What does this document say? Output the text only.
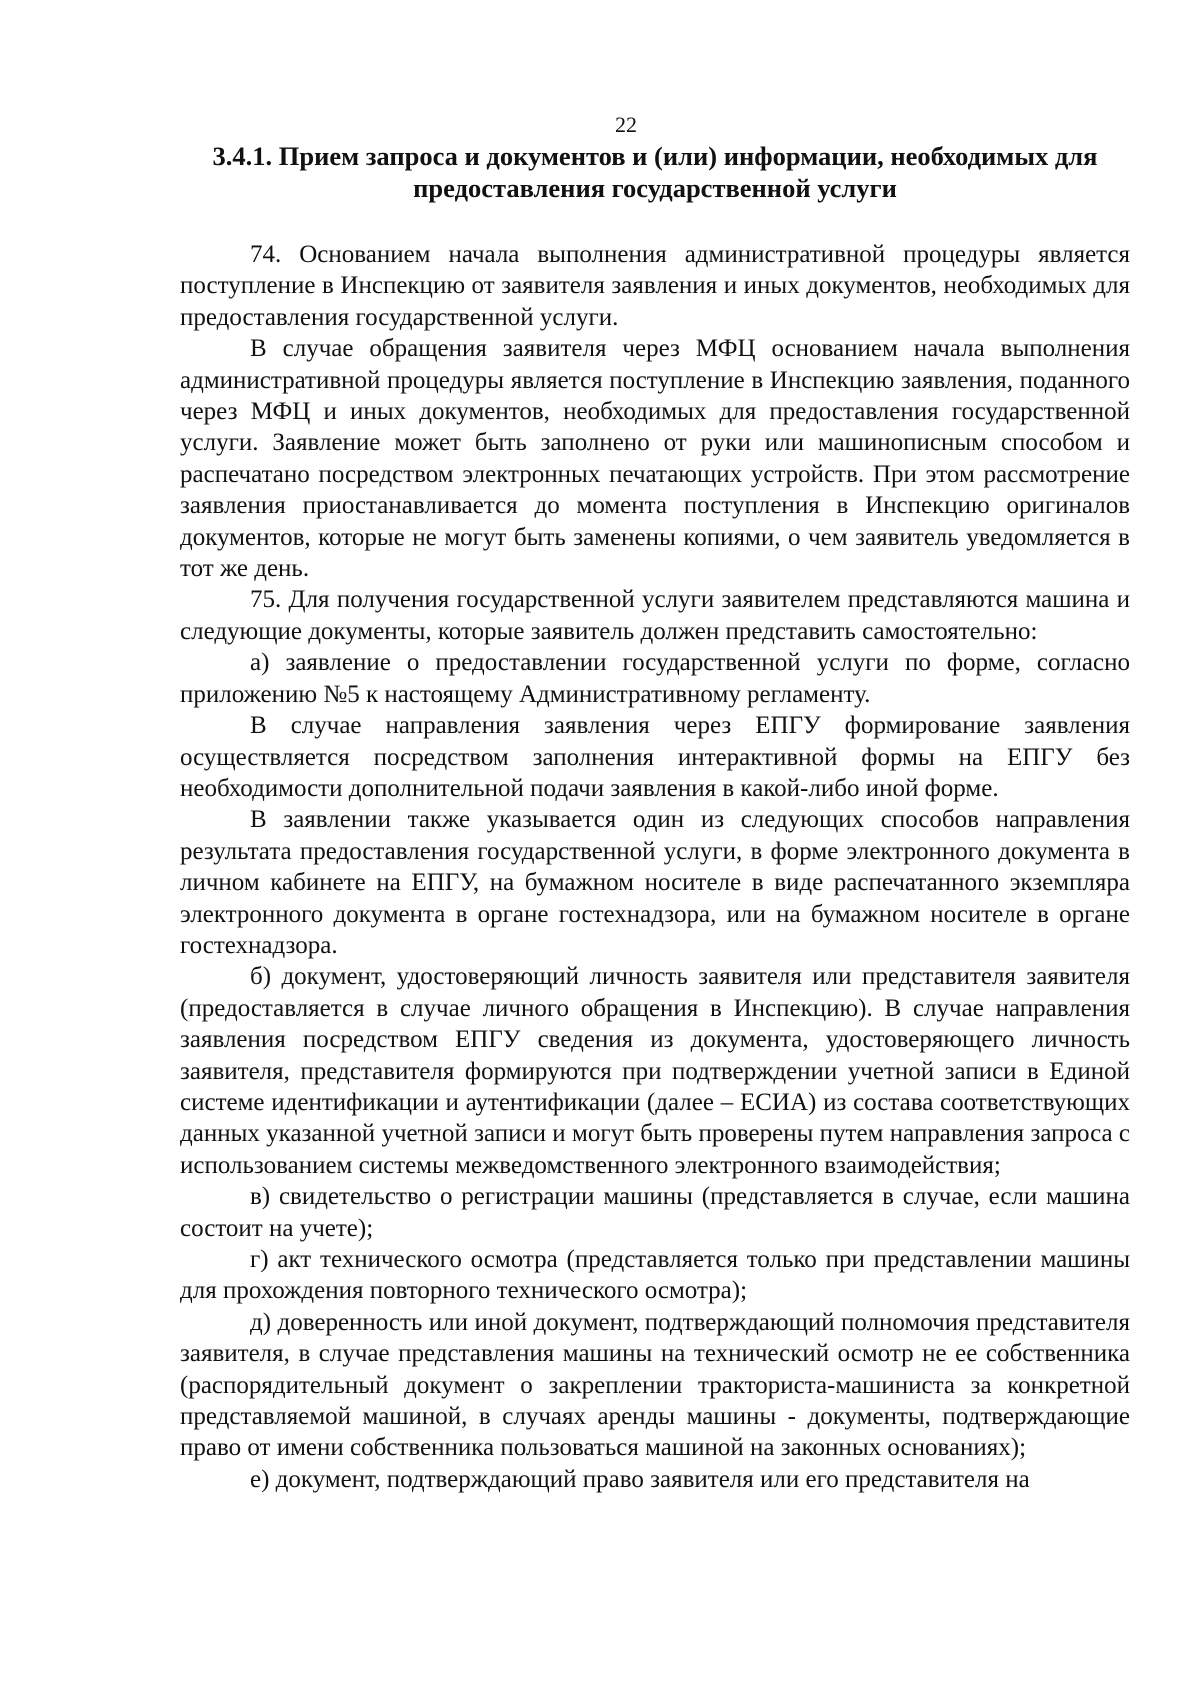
22
3.4.1. Прием запроса и документов и (или) информации, необходимых для предоставления государственной услуги

74. Основанием начала выполнения административной процедуры является поступление в Инспекцию от заявителя заявления и иных документов, необходимых для предоставления государственной услуги.

В случае обращения заявителя через МФЦ основанием начала выполнения административной процедуры является поступление в Инспекцию заявления, поданного через МФЦ и иных документов, необходимых для предоставления государственной услуги. Заявление может быть заполнено от руки или машинописным способом и распечатано посредством электронных печатающих устройств. При этом рассмотрение заявления приостанавливается до момента поступления в Инспекцию оригиналов документов, которые не могут быть заменены копиями, о чем заявитель уведомляется в тот же день.

75. Для получения государственной услуги заявителем представляются машина и следующие документы, которые заявитель должен представить самостоятельно:

а) заявление о предоставлении государственной услуги по форме, согласно приложению №5 к настоящему Административному регламенту.

В случае направления заявления через ЕПГУ формирование заявления осуществляется посредством заполнения интерактивной формы на ЕПГУ без необходимости дополнительной подачи заявления в какой-либо иной форме.

В заявлении также указывается один из следующих способов направления результата предоставления государственной услуги, в форме электронного документа в личном кабинете на ЕПГУ, на бумажном носителе в виде распечатанного экземпляра электронного документа в органе гостехнадзора, или на бумажном носителе в органе гостехнадзора.

б) документ, удостоверяющий личность заявителя или представителя заявителя (предоставляется в случае личного обращения в Инспекцию). В случае направления заявления посредством ЕПГУ сведения из документа, удостоверяющего личность заявителя, представителя формируются при подтверждении учетной записи в Единой системе идентификации и аутентификации (далее – ЕСИА) из состава соответствующих данных указанной учетной записи и могут быть проверены путем направления запроса с использованием системы межведомственного электронного взаимодействия;

в) свидетельство о регистрации машины (представляется в случае, если машина состоит на учете);

г) акт технического осмотра (представляется только при представлении машины для прохождения повторного технического осмотра);

д) доверенность или иной документ, подтверждающий полномочия представителя заявителя, в случае представления машины на технический осмотр не ее собственника (распорядительный документ о закреплении тракториста-машиниста за конкретной представляемой машиной, в случаях аренды машины - документы, подтверждающие право от имени собственника пользоваться машиной на законных основаниях);

е) документ, подтверждающий право заявителя или его представителя на
